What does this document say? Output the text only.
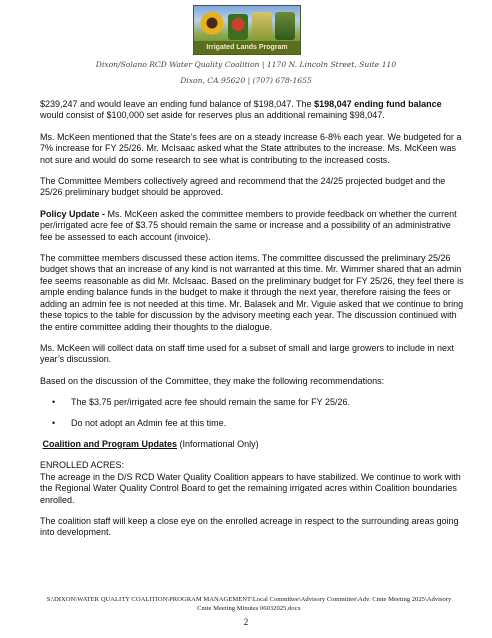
Irrigated Lands Program
Dixon/Solano RCD Water Quality Coalition | 1170 N. Lincoln Street, Suite 110
Dixon, CA 95620 | (707) 678-1655

$239,247 and would leave an ending fund balance of $198,047. The $198,047 ending fund balance would consist of $100,000 set aside for reserves plus an additional remaining $98,047.

Ms. McKeen mentioned that the State’s fees are on a steady increase 6-8% each year. We budgeted for a 7% increase for FY 25/26. Mr. McIsaac asked what the State attributes to the increase. Ms. McKeen was not sure and would do some research to see what is contributing to the increased costs.

The Committee Members collectively agreed and recommend that the 24/25 projected budget and the 25/26 preliminary budget should be approved.

Policy Update - Ms. McKeen asked the committee members to provide feedback on whether the current per/irrigated acre fee of $3.75 should remain the same or increase and a possibility of an administrative fee be assessed to each account (invoice).

The committee members discussed these action items. The committee discussed the preliminary 25/26 budget shows that an increase of any kind is not warranted at this time. Mr. Wimmer shared that an admin fee seems reasonable as did Mr. McIsaac. Based on the preliminary budget for FY 25/26, they feel there is ample ending balance funds in the budget to make it through the next year, therefore raising the fees or adding an admin fee is not needed at this time. Mr. Balasek and Mr. Viguie asked that we continue to bring these topics to the table for discussion by the advisory meeting each year. The discussion continued with the entire committee adding their thoughts to the dialogue.

Ms. McKeen will collect data on staff time used for a subset of small and large growers to include in next year’s discussion.

Based on the discussion of the Committee, they make the following recommendations:

• The $3.75 per/irrigated acre fee should remain the same for FY 25/26.
• Do not adopt an Admin fee at this time.

Coalition and Program Updates (Informational Only)

ENROLLED ACRES:

The acreage in the D/S RCD Water Quality Coalition appears to have stabilized. We continue to work with the Regional Water Quality Control Board to get the remaining irrigated acres within Coalition boundaries enrolled.

The coalition staff will keep a close eye on the enrolled acreage in respect to the surrounding areas going into development.

S:\DIXON\WATER QUALITY COALITION\PROGRAM MANAGEMENT\Local Committee\Advisory Committee\Adv. Cmte Meeting 2025\Advisory Cmte Meeting Minutes 06032025.docx
2
